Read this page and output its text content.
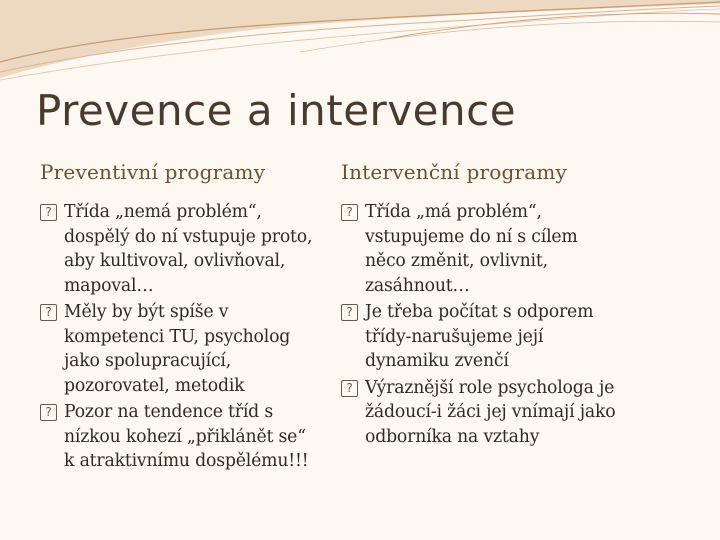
Prevence a intervence
Preventivní programy
? Třída „nemá problém“,
dospělý do ní vstupuje proto,
aby kultivoval, ovlivňoval,
mapoval…
? Měly by být spíše v
kompetenci TU, psycholog
jako spolupracující,
pozorovatel, metodik
? Pozor na tendence tříd s
nízkou kohezí „přiklánět se“
k atraktivnímu dospělému!!!
Intervenční programy
? Třída „má problém“,
vstupujeme do ní s cílem
něco změnit, ovlivnit,
zasáhnout…
? Je třeba počítat s odporem
třídy-narušujeme její
dynamiku zvenčí
? Výraznější role psychologa je
žádoucí-i žáci jej vnímají jako
odborníka na vztahy
